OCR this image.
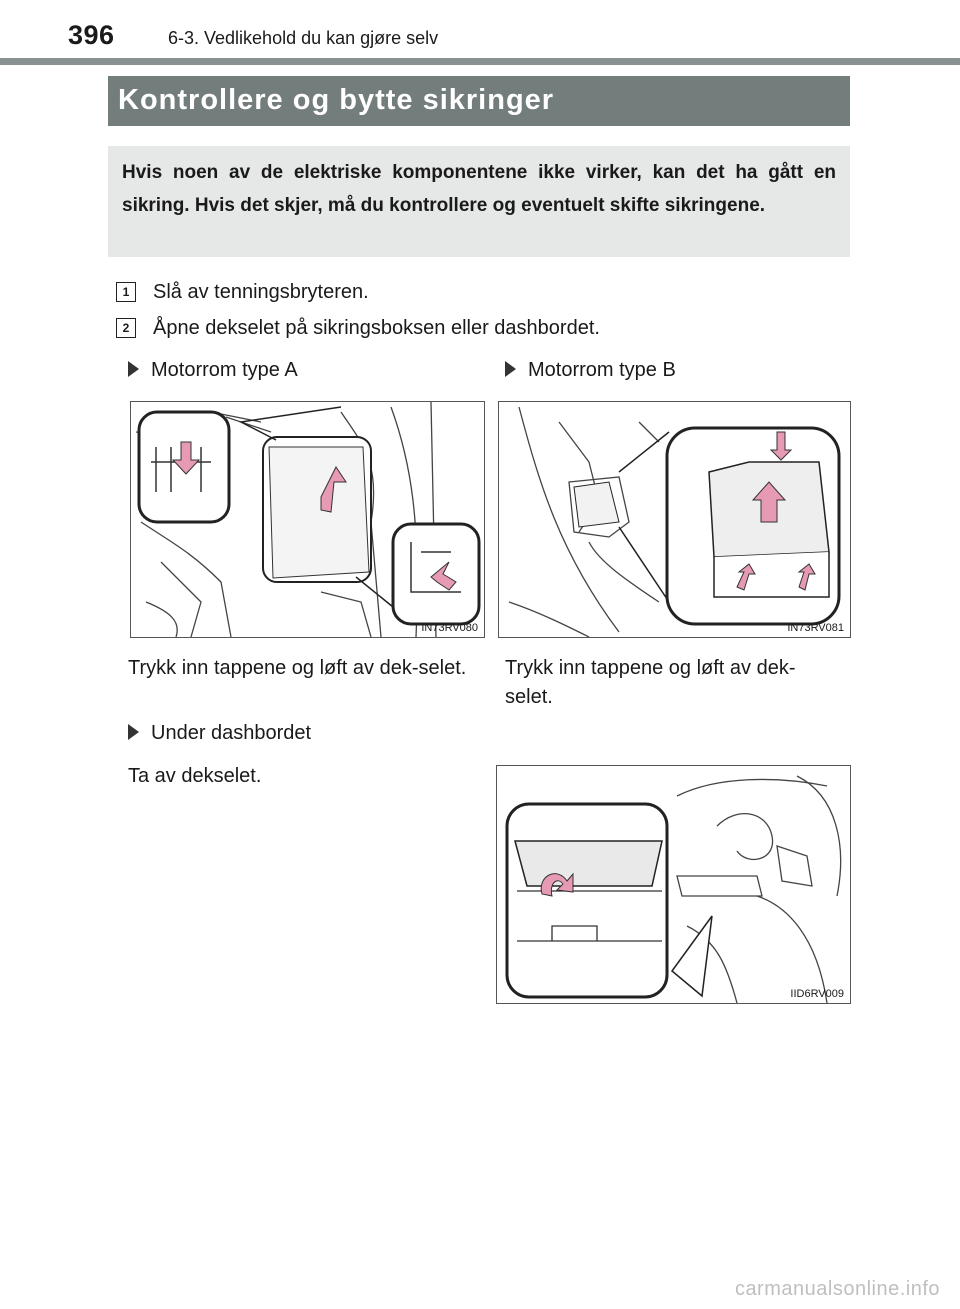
396	6-3. Vedlikehold du kan gjøre selv
Kontrollere og bytte sikringer
Hvis noen av de elektriske komponentene ikke virker, kan det ha gått en sikring. Hvis det skjer, må du kontrollere og eventuelt skifte sikringene.
1	Slå av tenningsbryteren.
2	Åpne dekselet på sikringsboksen eller dashbordet.
Motorrom type A	Motorrom type B
IN73RV080	IN73RV081
Trykk inn tappene og løft av dek-selet.	Trykk inn tappene og løft av dek-selet.
Under dashbordet
Ta av dekselet.
IID6RV009
carmanualsonline.info
